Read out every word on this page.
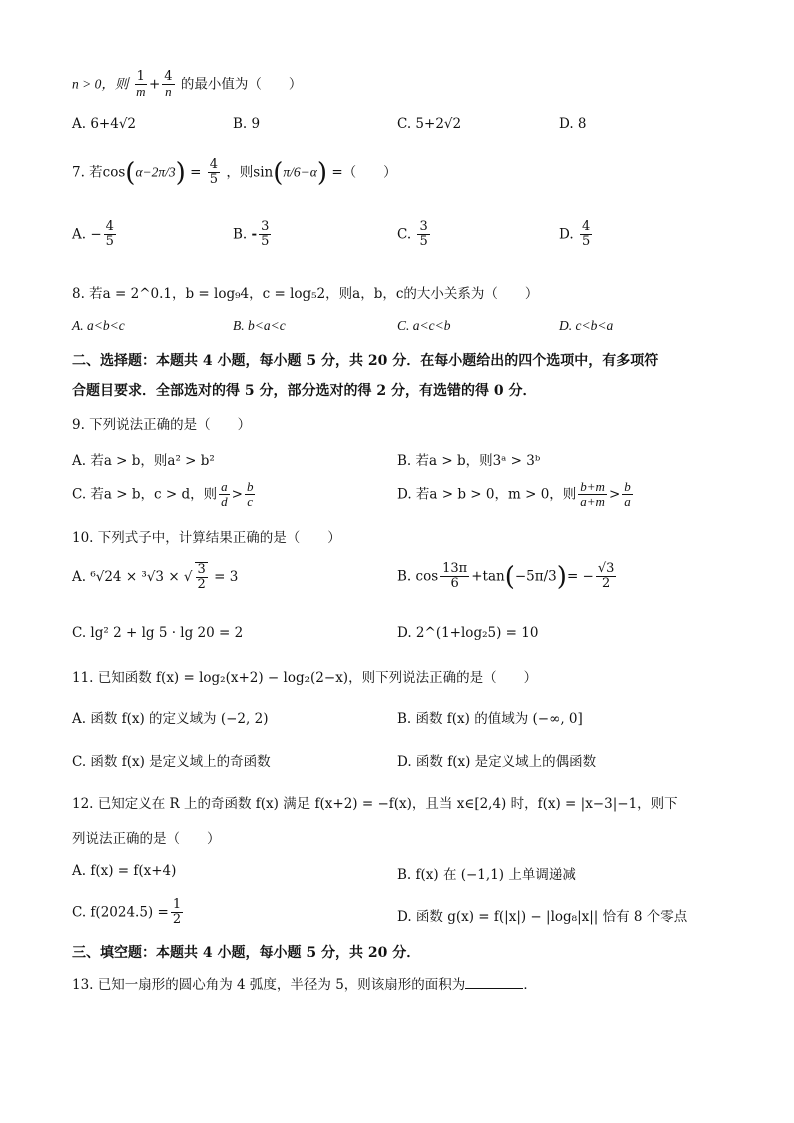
n > 0，则 $\frac{1}{m} + \frac{4}{n}$ 的最小值为（　　）
A. 6+4√2	B. 9	C. 5+2√2	D. 8
7. 若$\cos(\alpha-2\pi/3) = \frac{4}{5}$ ，则sin(π/6−α) =（　　）
A. − $\frac{4}{5}$	B. - $\frac{3}{5}$	C. $\frac{3}{5}$	D. $\frac{4}{5}$
8. 若a = 2^0.1，b = log₉4，c = log₅2，则a，b，c的大小关系为（　　）
A. a<b<c	B. b<a<c	C. a<c<b	D. c<b<a
二、选择题：本题共 4 小题，每小题 5 分，共 20 分．在每小题给出的四个选项中，有多项符
合题目要求．全部选对的得 5 分，部分选对的得 2 分，有选错的得 0 分．
9. 下列说法正确的是（　　）
A. 若a > b，则a² > b²	B. 若a > b，则3ᵃ > 3ᵇ
C. 若a > b，c > d，则 $\frac{a}{d} > \frac{b}{c}$	D. 若a > b > 0，m > 0，则 $\frac{b+m}{a+m} > \frac{b}{a}$
10. 下列式子中，计算结果正确的是（　　）
A. ⁶√24 × ³√3 × √ $\frac{3}{2} = 3$	B. $\cos \frac{13\pi}{6} +\tan(-5\pi/3)= - \frac{√3}{2}$
C. lg² 2 + lg 5 · lg 20 = 2	D. 2^(1+log₂5) = 10
11. 已知函数 f(x) = log₂(x+2) − log₂(2−x)，则下列说法正确的是（　　）
A. 函数 f(x) 的定义域为 (−2, 2)	B. 函数 f(x) 的值域为 (−∞, 0]
C. 函数 f(x) 是定义域上的奇函数	D. 函数 f(x) 是定义域上的偶函数
12. 已知定义在 R 上的奇函数 f(x) 满足 f(x+2) = −f(x)，且当 x∈[2,4) 时，f(x) = |x−3|−1，则下
列说法正确的是（　　）
A. f(x) = f(x+4)	B. f(x) 在 (−1,1) 上单调递减
C. $f(2024.5) = \frac{1}{2}$	D. 函数 g(x) = f(|x|) − |log₈|x|| 恰有 8 个零点
三、填空题：本题共 4 小题，每小题 5 分，共 20 分．
13. 已知一扇形的圆心角为 4 弧度，半径为 5，则该扇形的面积为	．
